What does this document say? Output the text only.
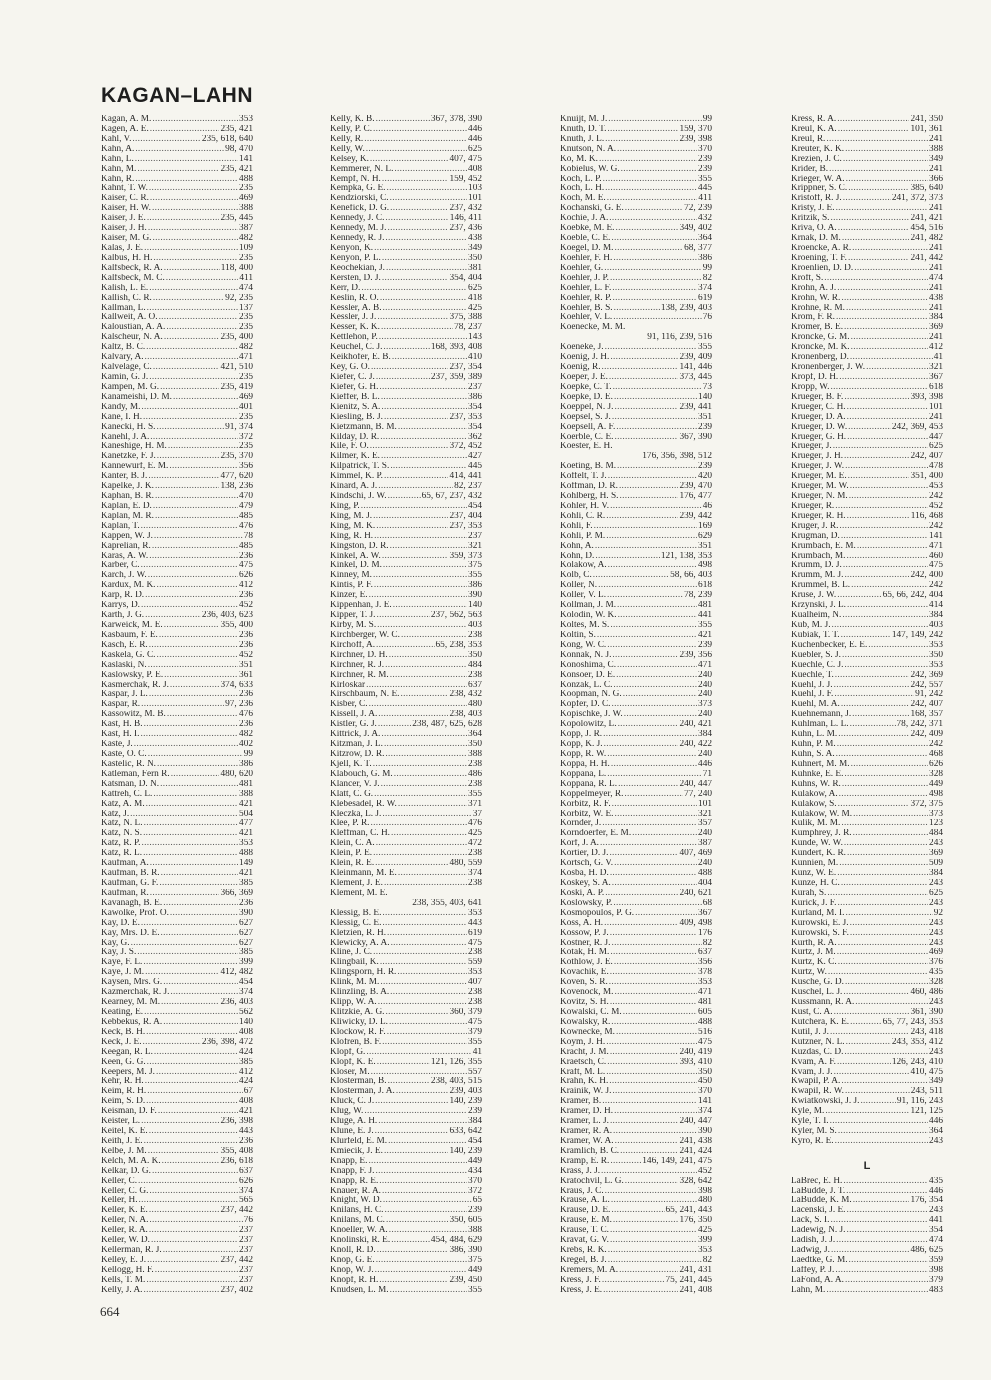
KAGAN–LAHN
Kagan, A. M. .....	353
Kagen, A. E. .....	235, 421
Kahl, V. .....	235, 618, 640
Kahn, A. .....	98, 470
Kahn, L. .....	141
Kahn, M. .....	235, 421
Kahn, R. .....	488
Kahnt, T. W. .....	235
Kaiser, C. R. .....	469
Kaiser, H. W. .....	388
Kaiser, J. E. .....	235, 445
Kaiser, J. H. .....	387
Kaiser, M. G. .....	482
Kalas, J. E. .....	109
Kalbus, H. H. .....	235
Kalfsbeck, R. A. .....	118, 400
Kalfsbeck, M. C. .....	411
Kalish, L. E. .....	474
Kallish, C. R. .....	92, 235
Kallman, L. .....	137
Kallweit, A. O. .....	235
Kaloustian, A. A. .....	235
Kalscheur, N. A. .....	235, 400
Kaltz, B. C. .....	482
Kalvary, A. .....	471
Kalvelage, C. .....	421, 510
Kamin, G. J. .....	235
Kampen, M. G. .....	235, 419
Kanameishi, D. M. .....	469
Kandy, M. .....	401
Kane, I. H. .....	235
Kanecki, H. S. .....	91, 374
Kanehl, J. A. .....	372
Kaneshige, H. M. .....	235
Kanetzke, F. J. .....	235, 370
Kannewurf, E. M. .....	356
Kanter, B. J. .....	477, 620
Kapelke, J. K. .....	138, 236
Kaphan, B. R. .....	470
Kaplan, E. D. .....	479
Kaplan, M. R. .....	485
Kaplan, T. .....	476
Kappen, W. J. .....	78
Kaprelian, R. .....	485
Karas, A. W. .....	236
Karber, C. .....	475
Karch, J. W. .....	626
Kardux, M. K. .....	412
Karp, R. D. .....	236
Karrys, D. .....	452
Karth, J. G. .....	236, 403, 623
Karweick, M. E. .....	355, 400
Kasbaum, F. E. .....	236
Kasch, E. R. .....	236
Kaskela, G. C. .....	452
Kaslaski, N. .....	351
Kaslowsky, P. E. .....	361
Kasmerchak, R. J. .....	374, 633
Kaspar, J. L. .....	236
Kaspar, R. .....	97, 236
Kassowitz, M. B. .....	476
Kast, H. B. .....	236
Kast, H. I. .....	482
Kaste, J. .....	402
Kaste, O. C. .....	99
Kastelic, R. N. .....	386
Katleman, Fern R. .....	480, 620
Katsman, D. N. .....	481
Kattreh, C. L. .....	388
Katz, A. M. .....	421
Katz, J. .....	504
Katz, N. L. .....	477
Katz, N. S. .....	421
Katz, R. P. .....	353
Katz, R. L. .....	488
Kaufman, A. .....	149
Kaufman, B. R. .....	421
Kaufman, G. F. .....	385
Kaufman, R. .....	366, 369
Kavanagh, B. E. .....	236
Kawolke, Prof. O. .....	390
Kay, D. E. .....	627
Kay, Mrs. D. E. .....	627
Kay, G. .....	627
Kay, J. S. .....	385
Kaye, F. L. .....	399
Kaye, J. M. .....	412, 482
Kaysen, Mrs. G. .....	454
Kazmerchak, R. J. .....	374
Kearney, M. M. .....	236, 403
Keating, E. .....	562
Kebbekus, R. A. .....	140
Keck, B. H. .....	408
Keck, J. E. .....	236, 398, 472
Keegan, R. L. .....	424
Keen, G. G. .....	385
Keepers, M. J. .....	412
Kehr, R. H. .....	424
Keim, R. H. .....	67
Keim, S. D. .....	408
Keisman, D. F. .....	421
Keister, L. .....	236, 398
Keitel, K. E. .....	443
Keith, J. E. .....	236
Kelbe, J. M. .....	355, 408
Kelch, M. A. K. .....	236, 618
Kelkar, D. G. .....	637
Keller, C. .....	626
Keller, C. G. .....	374
Keller, H. .....	565
Keller, K. E. .....	237, 442
Keller, N. A. .....	76
Keller, R. A. .....	237
Keller, W. D. .....	237
Kellerman, R. J. .....	237
Kelley, E. J. .....	237, 442
Kellogg, H. F. .....	237
Kells, T. M. .....	237
Kelly, J. A. .....	237, 402
Kelly, K. B. .....	367, 378, 390
Kelly, P. C. .....	446
Kelly, R. .....	446
Kelly, W. .....	625
Kelsey, K. .....	407, 475
Kemmerer, N. L. .....	408
Kempf, N. H. .....	159, 452
Kempka, G. E. .....	103
Kendziorski, C. .....	101
Kenefick, D. G. .....	237, 432
Kennedy, J. C. .....	146, 411
Kennedy, M. J. .....	237, 436
Kennedy, R. J. .....	438
Kenyon, K. .....	349
Kenyon, P. L. .....	350
Keochekian, J. .....	381
Kersten, D. J. .....	354, 404
Kerr, D. .....	625
Keslin, R. O. .....	418
Kessler, A. B. .....	425
Kessler, J. J. .....	375, 388
Kesser, K. K. .....	78, 237
Kettlehon, P. .....	143
Keuchel, C. J. .....	168, 393, 408
Keikhofer, E. B. .....	410
Key, G. O. .....	237, 354
Kiefer, C. J. .....	237, 359, 389
Kiefer, G. H. .....	237
Kieffer, B. L. .....	386
Kienitz, S. A. .....	354
Kiesling, B. J. .....	237, 353
Kietzmann, B. M. .....	354
Kilday, D. R. .....	362
Kile, F. O. .....	372, 452
Kilmer, K. E. .....	427
Kilpatrick, T. S. .....	445
Kimmel, K. P. .....	414, 441
Kinard, A. J. .....	82, 237
Kindschi, J. W. .....	65, 67, 237, 432
King, P. .....	454
King, M. J. .....	237, 404
King, M. K. .....	237, 353
King, R. H. .....	237
Kingston, D. R. .....	321
Kinkel, A. W. .....	359, 373
Kinkel, D. M. .....	375
Kinney, M. .....	355
Kintis, P. F. .....	386
Kinzer, E. .....	390
Kippenhan, J. E. .....	140
Kipper, T. J. .....	237, 562, 563
Kirby, M. S. .....	403
Kirchberger, W. C. .....	238
Kirchoff, A. .....	65, 238, 353
Kirchner, D. H. .....	350
Kirchner, R. J. .....	484
Kirchner, R. M. .....	238
Kirloskar .....	637
Kirschbaum, N. E. .....	238, 432
Kisber, C. .....	480
Kissell, J. A. .....	238, 403
Kistler, G. J. .....	238, 487, 625, 628
Kittrick, J. A. .....	364
Kitzman, J. L. .....	350
Kitzrow, D. R. .....	388
Kjell, K. T. .....	238
Klabouch, G. M. .....	486
Klancer, V. J. .....	238
Klatt, C. G. .....	355
Klebesadel, R. W. .....	371
Kleczka, L. J. .....	37
Klee, P. R. .....	476
Kleffman, C. H. .....	425
Klein, C. A. .....	472
Klein, P. E. .....	238
Klein, R. E. .....	480, 559
Kleinmann, M. E. .....	374
Klement, J. E. .....	238
Klement, M. E.
238, 355, 403, 641
Klessig, B. E. .....	353
Klessig, C. E. .....	443
Kletzien, R. H. .....	619
Klewicky, A. A. .....	475
Kline, J. C. .....	238
Klingbail, K. .....	559
Klingsporn, H. R. .....	353
Klink, M. M. .....	407
Klinzling, B. A. .....	238
Klipp, W. A. .....	238
Klitzkie, A. G. .....	360, 379
Kliwicky, D. L. .....	475
Klockow, R. F. .....	379
Klofren, B. F. .....	355
Klopf, G. .....	41
Klopf, K. E. .....	121, 126, 355
Kloser, M. .....	557
Klosterman, B. .....	238, 403, 515
Klosterman, J. A. .....	239, 403
Kluck, C. J. .....	140, 239
Klug, W. .....	239
Kluge, A. H. .....	384
Klune, E. J. .....	633, 642
Klurfeld, E. M. .....	454
Kmiecik, J. E. .....	140, 239
Knapp, E. .....	449
Knapp, F. J. .....	434
Knapp, R. E. .....	370
Knauer, R. A. .....	372
Knight, W. D. .....	65
Knilans, H. C. .....	239
Knilans, M. C. .....	350, 605
Knoeller, W. A. .....	388
Knolinski, R. E. .....	454, 484, 629
Knoll, R. D. .....	386, 390
Knop, G. E. .....	375
Knop, W. J. .....	449
Knopf, R. H. .....	239, 450
Knudsen, L. M. .....	355
Knuijt, M. J. .....	99
Knuth, D. T. .....	159, 370
Knuth, J. L. .....	239, 398
Knutson, N. A. .....	370
Ko, M. K. .....	239
Kobielus, W. G. .....	239
Koch, L. P. .....	355
Koch, L. H. .....	445
Koch, M. E. .....	411
Kochanski, G. E. .....	72, 239
Kochie, J. A. .....	432
Koebke, M. E. .....	349, 402
Koeble, C. E. .....	364
Koegel, D. M. .....	68, 377
Koehler, F. H. .....	386
Koehler, G. .....	99
Koehler, J. P. .....	82
Koehler, L. F. .....	374
Koehler, R. P. .....	619
Koehler, B. S. .....	138, 239, 403
Koehler, V. L. .....	76
Koenecke, M. M.
91, 116, 239, 516
Koeneke, J. .....	355
Koenig, J. H. .....	239, 409
Koenig, R. .....	141, 446
Koeper, J. E. .....	373, 445
Koepke, C. T. .....	73
Koepke, D. E. .....	140
Koeppel, N. J. .....	239, 441
Koepsel, S. J. .....	351
Koepsell, A. F. .....	239
Koerble, C. E. .....	367, 390
Koester, E. H.
176, 356, 398, 512
Koeting, B. M. .....	239
Koffelt, T. J. .....	420
Koffman, D. R. .....	239, 470
Kohlberg, H. S. .....	176, 477
Kohler, H. V. .....	46
Kohli, C. R. .....	239, 442
Kohli, F. .....	169
Kohli, P. M. .....	629
Kohn, A. .....	351
Kohn, D. .....	121, 138, 353
Kolakow, A. .....	498
Kolb, C. .....	58, 66, 403
Koller, N. .....	618
Koller, V. L. .....	78, 239
Kollman, J. M. .....	481
Kolodin, W. K. .....	441
Koltes, M. S. .....	355
Koltin, S. .....	421
Kong, W. C. .....	239
Konnak, N. J. .....	239, 356
Konoshima, C. .....	471
Konsoer, D. E. .....	240
Konzak, L. C. .....	240
Koopman, N. G. .....	240
Kopfer, D. C. .....	373
Kopischke, J. W. .....	240
Kopolowitz, L. .....	240, 421
Kopp, J. R. .....	384
Kopp, K. J. .....	240, 422
Kopp, R. W. .....	240
Koppa, H. H. .....	446
Koppana, L. .....	71
Koppana, R. L. .....	240, 447
Koppelmeyer, R. .....	77, 240
Korbitz, R. F. .....	101
Korbitz, W. E. .....	321
Kornder, J. .....	357
Korndoerfer, E. M. .....	240
Korf, J. A. .....	387
Kortier, D. J. .....	407, 469
Kortsch, G. V. .....	240
Kosba, H. D. .....	488
Koskey, S. A. .....	404
Koski, A. P. .....	240, 621
Koslowsky, P. .....	68
Kosmopoulos, P. G. .....	367
Koss, A. H. .....	409, 498
Kossow, P. J. .....	176
Kostner, R. J. .....	82
Kotak, H. M. .....	637
Kothlow, J. E. .....	356
Kovachik, E. .....	378
Koven, S. R. .....	353
Kovenock, M. .....	471
Kovitz, S. H. .....	481
Kowalski, C. M. .....	605
Kowalsky, R. .....	488
Kownecke, M. .....	516
Koym, J. H. .....	475
Kracht, J. M. .....	240, 419
Kraetsch, C. .....	393, 410
Kraft, M. L. .....	350
Krahn, K. H. .....	450
Krainik, W. J. .....	370
Kramer, B. .....	141
Kramer, D. H. .....	374
Kramer, L. J. .....	240, 447
Kramer, R. A. .....	390
Kramer, W. A. .....	241, 438
Kramlich, B. C. .....	241, 424
Kramp, E. R. .....	146, 149, 241, 475
Krass, J. J. .....	452
Kratochvil, L. G. .....	328, 642
Kraus, J. C. .....	398
Krause, A. L. .....	480
Krause, D. E. .....	65, 241, 443
Krause, E. M. .....	176, 350
Krause, T. C. .....	425
Kravat, G. V. .....	399
Krebs, R. K. .....	353
Kregel, B. J. .....	82
Kremers, M. A. .....	241, 431
Kress, J. F. .....	75, 241, 445
Kress, J. E. .....	241, 408
Kress, R. A. .....	241, 350
Kreul, K. A. .....	101, 361
Kreul, R. .....	241
Kreuter, K. K. .....	388
Krezien, J. C. .....	349
Krider, B. .....	241
Krieger, W. A. .....	366
Krippner, S. C. .....	385, 640
Kristoff, R. J. .....	241, 372, 373
Kristy, J. E. .....	241
Kritzik, S. .....	241, 421
Kriva, O. A. .....	454, 516
Krnak, D. M. .....	241, 482
Kroencke, A. R. .....	241
Kroening, T. F. .....	241, 442
Kroenlien, D. D. .....	241
Kroft, S. .....	474
Krohn, A. J. .....	241
Krohn, W. R. .....	438
Krohne, R. M. .....	241
Krom, F. R. .....	384
Kromer, B. E. .....	369
Kroncke, G. M. .....	241
Kroncke, M. K. .....	412
Kronenberg, D. .....	41
Kronenberger, J. W. .....	321
Kropf, D. H. .....	367
Kropp, W. .....	618
Krueger, B. F. .....	393, 398
Krueger, C. H. .....	101
Krueger, D. A. .....	241
Krueger, D. W. .....	242, 369, 453
Krueger, G. H. .....	447
Krueger, J. .....	625
Krueger, J. H. .....	242, 407
Krueger, J. W. .....	478
Krueger, M. E. .....	351, 400
Krueger, M. W. .....	453
Krueger, N. M. .....	242
Krueger, R. .....	452
Krueger, R. H. .....	116, 468
Kruger, J. R. .....	242
Krugman, D. .....	141
Krumbach, E. M. .....	471
Krumbach, M. .....	460
Krumm, D. J. .....	475
Krumm, M. J. .....	242, 400
Krummel, B. L. .....	242
Kruse, J. W. .....	65, 66, 242, 404
Krzynski, J. L. .....	414
Kualheim, N. .....	384
Kub, M. J. .....	403
Kubiak, T. T. .....	147, 149, 242
Kuchenbecker, E. E. .....	353
Kuebler, S. J. .....	350
Kuechle, C. J. .....	353
Kuechle, T. .....	242, 369
Kuehl, J. J. .....	242, 557
Kuehl, J. F. .....	91, 242
Kuehl, M. A. .....	242, 407
Kuehnemann, J. .....	168, 357
Kuhlman, L. L. .....	78, 242, 371
Kuhn, L. M. .....	242, 409
Kuhn, P. M. .....	242
Kuhn, S. A. .....	468
Kuhnert, M. M. .....	626
Kuhnke, E. E. .....	328
Kuhns, W. R. .....	449
Kulakow, A. .....	498
Kulakow, S. .....	372, 375
Kulakow, W. M. .....	373
Kulik, M. M. .....	123
Kumphrey, J. R. .....	484
Kunde, W. W. .....	243
Kundert, K. R. .....	369
Kunnien, M. .....	509
Kunz, W. E. .....	384
Kunze, H. C. .....	243
Kurah, S. .....	625
Kurick, J. F. .....	243
Kurland, M. I. .....	92
Kurowski, E. J. .....	243
Kurowski, S. F. .....	243
Kurth, R. A. .....	243
Kurtz, J. M. .....	469
Kurtz, K. C. .....	376
Kurtz, W. .....	435
Kusche, G. D. .....	328
Kuschel, L. J. .....	460, 486
Kussmann, R. A. .....	243
Kust, C. A. .....	361, 390
Kutchera, K. E. .....	65, 77, 243, 353
Kutil, J. J. .....	243, 418
Kutzner, N. L. .....	243, 353, 412
Kuzdas, C. D. .....	243
Kvam, A. F. .....	126, 243, 410
Kvam, J. J. .....	410, 475
Kwapil, P. A. .....	349
Kwapil, R. W. .....	243, 511
Kwiatkowski, J. J. .....	91, 116, 243
Kyle, M. .....	121, 125
Kyle, T. I. .....	446
Kyler, M. S. .....	364
Kyro, R. E. .....	243
L
LaBrec, E. H. .....	435
LaBudde, J. T. .....	446
LaBudde, K. M. .....	176, 354
Lacenski, J. E. .....	243
Lack, S. I. .....	441
Ladewig, N. J. .....	354
Ladish, J. J. .....	474
Ladwig, J. .....	486, 625
Laedtke, G. M. .....	359
Laffey, P. J. .....	398
LaFond, A. A. .....	379
Lahn, M. .....	483

664
